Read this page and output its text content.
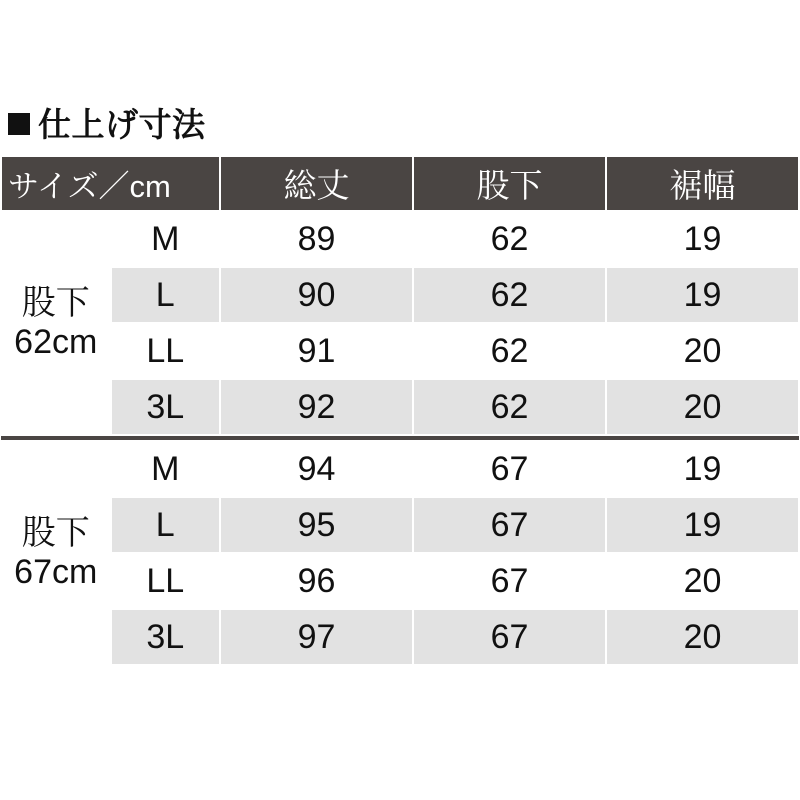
仕上げ寸法
サイズ／cm		総丈	股下	裾幅

股下
62cm	M	89	62	19
	L	90	62	19
	LL	91	62	20
	3L	92	62	20

股下
67cm	M	94	67	19
	L	95	67	19
	LL	96	67	20
	3L	97	67	20
